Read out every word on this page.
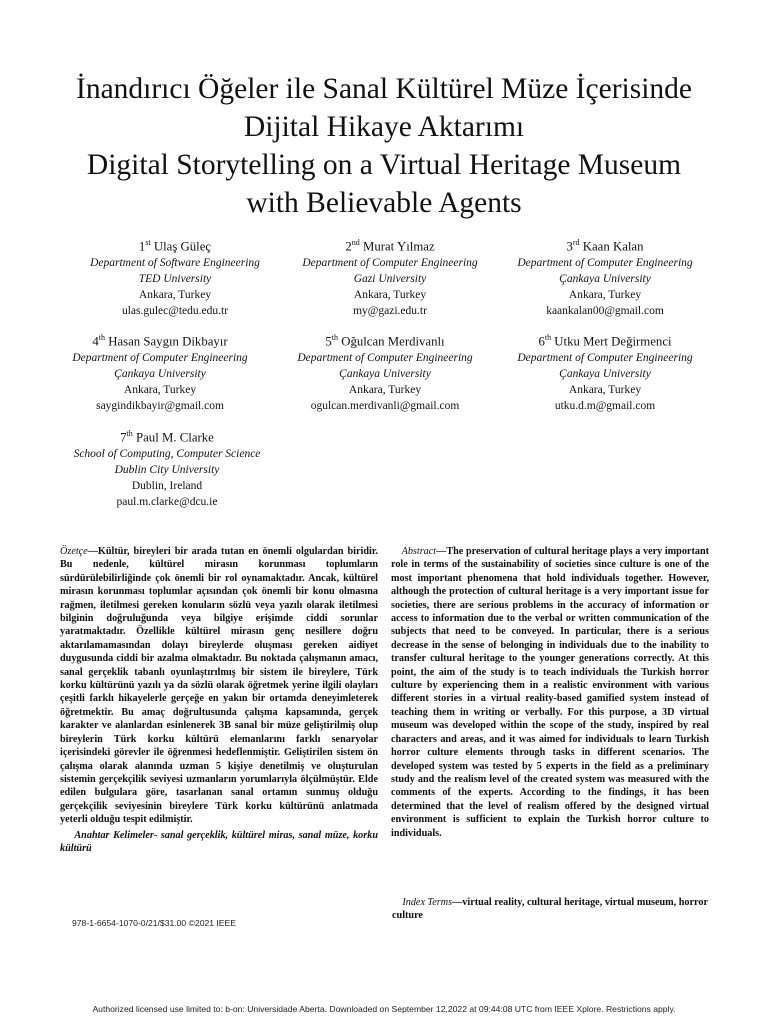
İnandırıcı Öğeler ile Sanal Kültürel Müze İçerisinde
Dijital Hikaye Aktarımı
Digital Storytelling on a Virtual Heritage Museum
with Believable Agents
1st Ulaş Güleç
Department of Software Engineering
TED University
Ankara, Turkey
ulas.gulec@tedu.edu.tr
2nd Murat Yılmaz
Department of Computer Engineering
Gazi University
Ankara, Turkey
my@gazi.edu.tr
3rd Kaan Kalan
Department of Computer Engineering
Çankaya University
Ankara, Turkey
kaankalan00@gmail.com
4th Hasan Saygın Dikbayır
Department of Computer Engineering
Çankaya University
Ankara, Turkey
saygindikbayir@gmail.com
5th Oğulcan Merdivanlı
Department of Computer Engineering
Çankaya University
Ankara, Turkey
ogulcan.merdivanli@gmail.com
6th Utku Mert Değirmenci
Department of Computer Engineering
Çankaya University
Ankara, Turkey
utku.d.m@gmail.com
7th Paul M. Clarke
School of Computing, Computer Science
Dublin City University
Dublin, Ireland
paul.m.clarke@dcu.ie
Özetçe—Kültür, bireyleri bir arada tutan en önemli olgulardan biridir. Bu nedenle, kültürel mirasın korunması toplumların sürdürülebilirliğinde çok önemli bir rol oynamaktadır. Ancak, kültürel mirasın korunması toplumlar açısından çok önemli bir konu olmasına rağmen, iletilmesi gereken konuların sözlü veya yazılı olarak iletilmesi bilginin doğruluğunda veya bilgiye erişimde ciddi sorunlar yaratmaktadır. Özellikle kültürel mirasın genç nesillere doğru aktarılamamasından dolayı bireylerde oluşması gereken aidiyet duygusunda ciddi bir azalma olmaktadır. Bu noktada çalışmanın amacı, sanal gerçeklik tabanlı oyunlaştırılmış bir sistem ile bireylere, Türk korku kültürünü yazılı ya da sözlü olarak öğretmek yerine ilgili olayları çeşitli farklı hikayelerle gerçeğe en yakın bir ortamda deneyimleterek öğretmektir. Bu amaç doğrultusunda çalışma kapsamında, gerçek karakter ve alanlardan esinlenerek 3B sanal bir müze geliştirilmiş olup bireylerin Türk korku kültürü elemanlarını farklı senaryolar içerisindeki görevler ile öğrenmesi hedeflenmiştir. Geliştirilen sistem ön çalışma olarak alanında uzman 5 kişiye denetilmiş ve oluşturulan sistemin gerçekçilik seviyesi uzmanların yorumlarıyla ölçülmüştür. Elde edilen bulgulara göre, tasarlanan sanal ortamın sunmuş olduğu gerçekçilik seviyesinin bireylere Türk korku kültürünü anlatmada yeterli olduğu tespit edilmiştir.
Anahtar Kelimeler- sanal gerçeklik, kültürel miras, sanal müze, korku kültürü
Abstract—The preservation of cultural heritage plays a very important role in terms of the sustainability of societies since culture is one of the most important phenomena that hold individuals together. However, although the protection of cultural heritage is a very important issue for societies, there are serious problems in the accuracy of information or access to information due to the verbal or written communication of the subjects that need to be conveyed. In particular, there is a serious decrease in the sense of belonging in individuals due to the inability to transfer cultural heritage to the younger generations correctly. At this point, the aim of the study is to teach individuals the Turkish horror culture by experiencing them in a realistic environment with various different stories in a virtual reality-based gamified system instead of teaching them in writing or verbally. For this purpose, a 3D virtual museum was developed within the scope of the study, inspired by real characters and areas, and it was aimed for individuals to learn Turkish horror culture elements through tasks in different scenarios. The developed system was tested by 5 experts in the field as a preliminary study and the realism level of the created system was measured with the comments of the experts. According to the findings, it has been determined that the level of realism offered by the designed virtual environment is sufficient to explain the Turkish horror culture to individuals.
Index Terms—virtual reality, cultural heritage, virtual museum, horror culture
978-1-6654-1070-0/21/$31.00 ©2021 IEEE
Authorized licensed use limited to: b-on: Universidade Aberta. Downloaded on September 12,2022 at 09:44:08 UTC from IEEE Xplore. Restrictions apply.
